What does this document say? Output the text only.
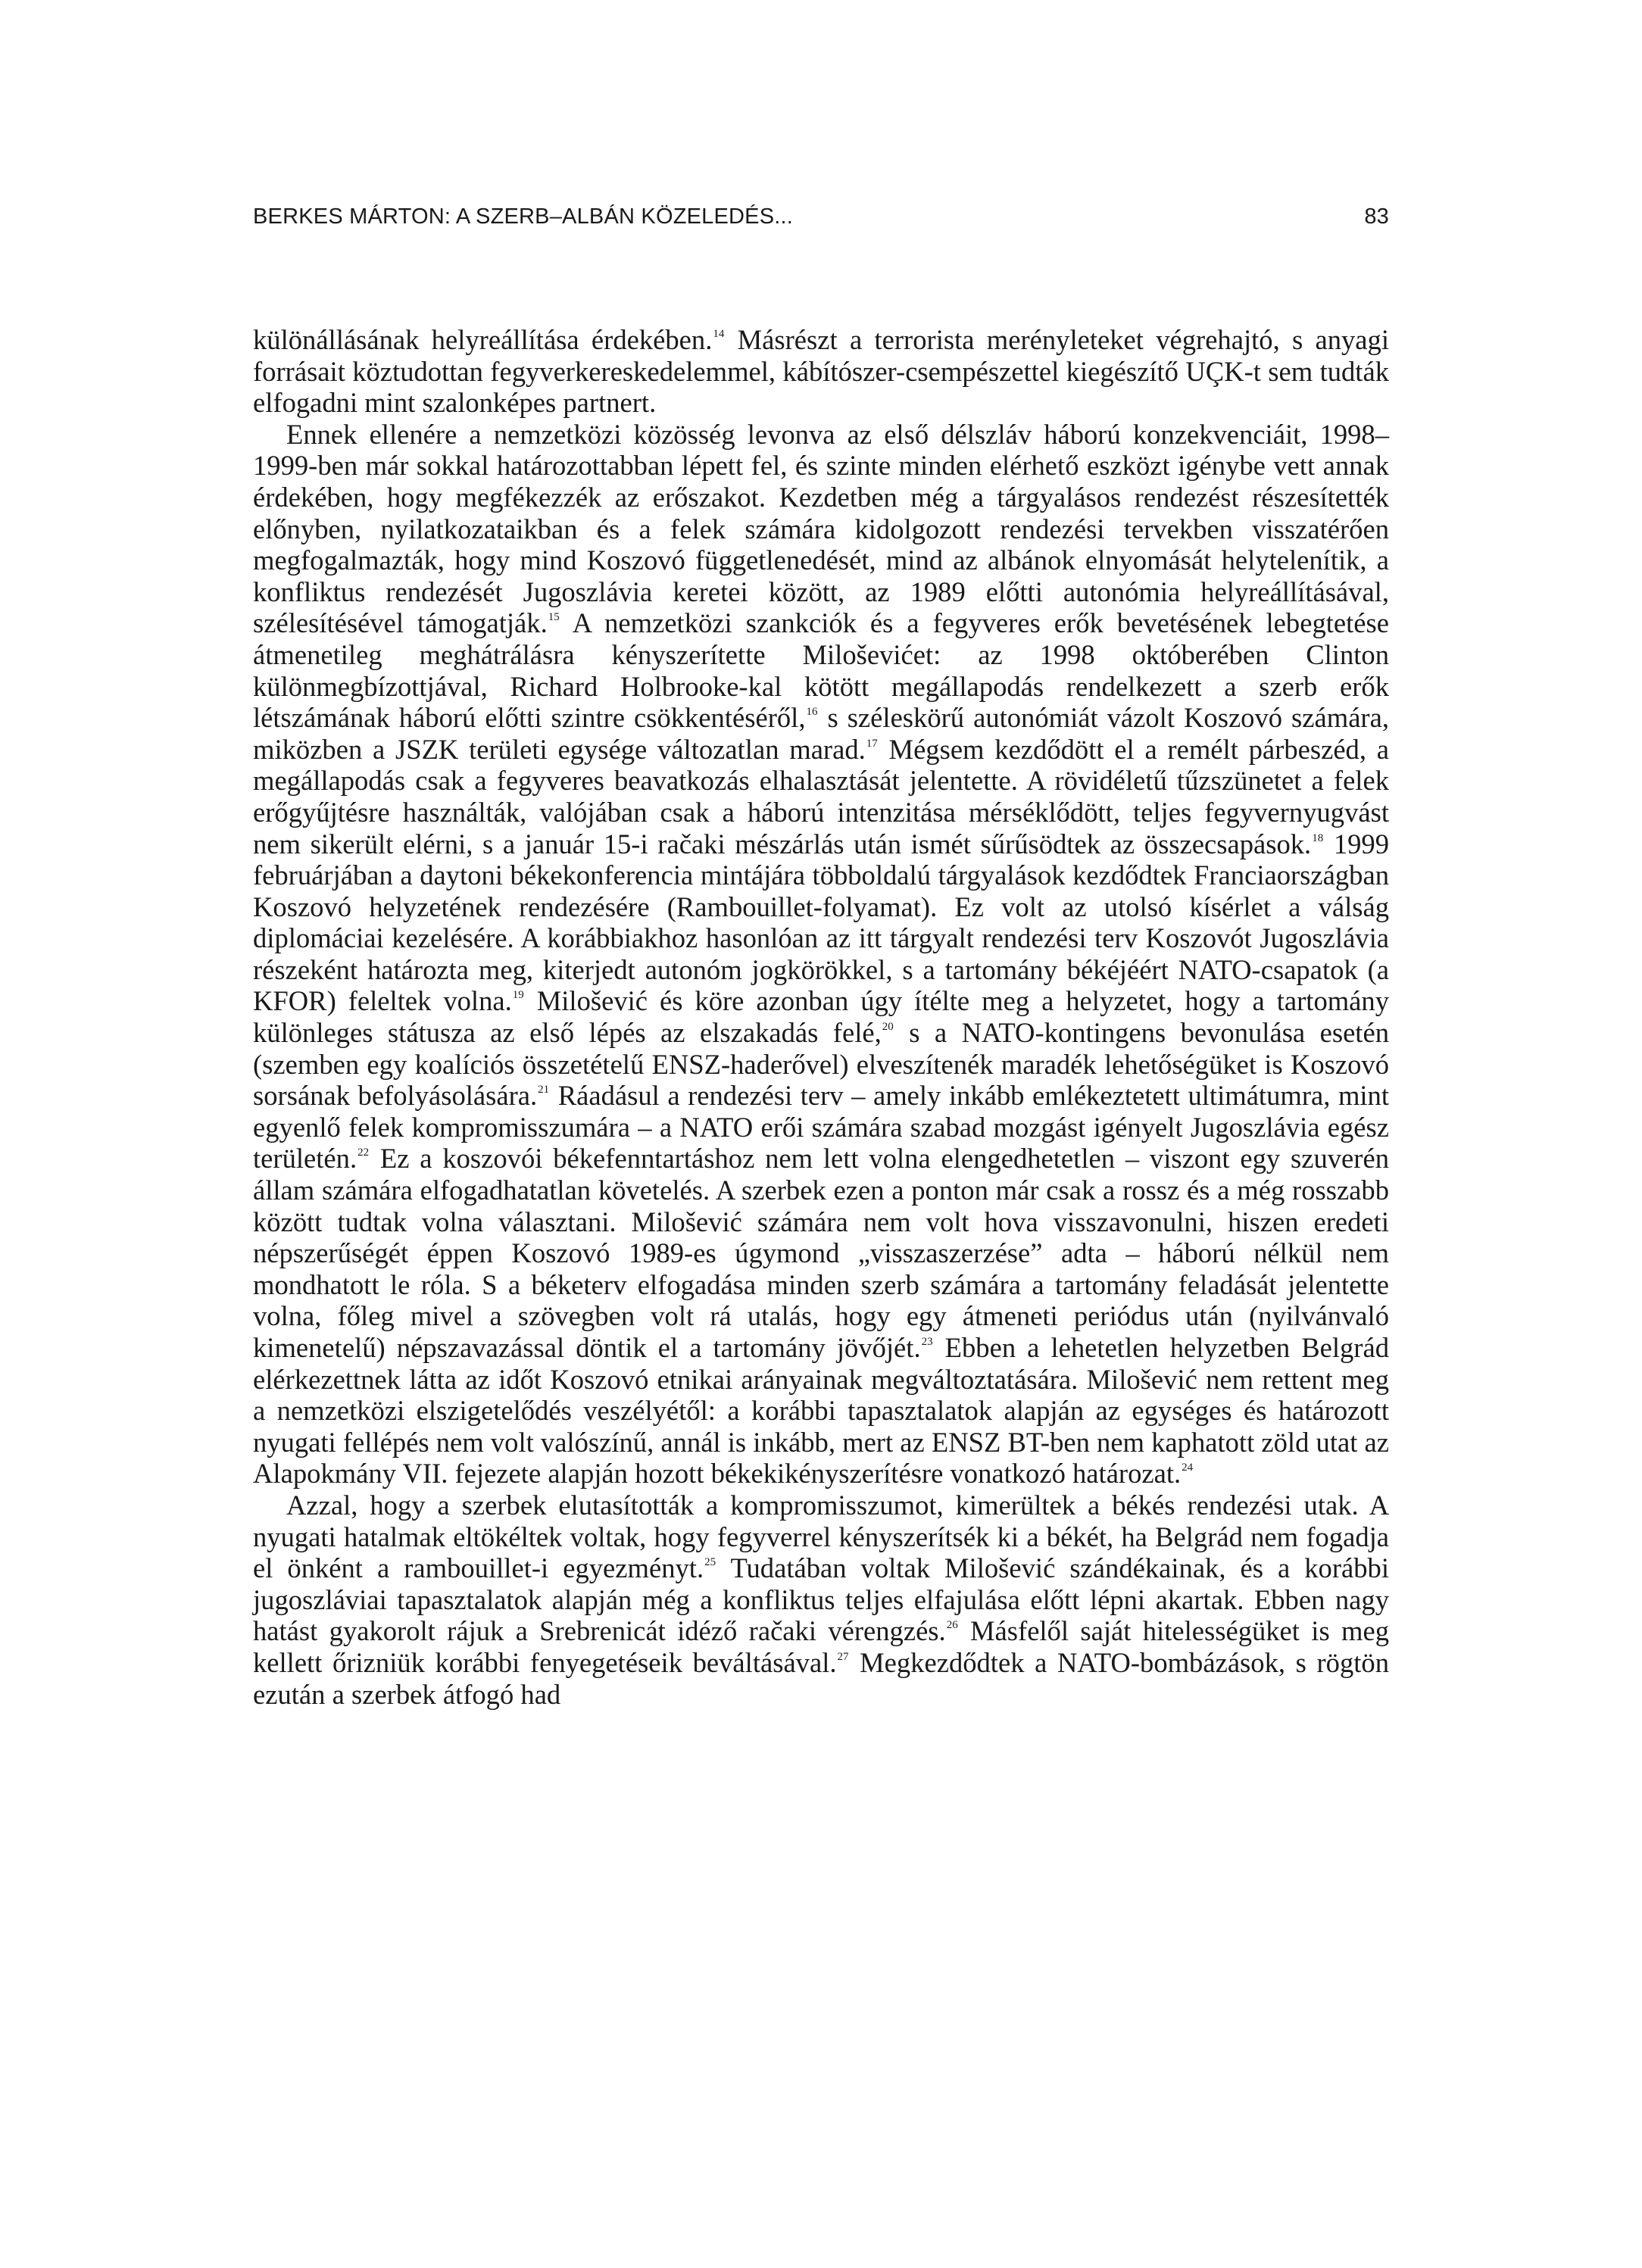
BERKES MÁRTON: A SZERB–ALBÁN KÖZELEDÉS...	83

különállásának helyreállítása érdekében.$^{14}$ Másrészt a terrorista merényleteket végrehajtó, s anyagi forrásait köztudottan fegyverkereskedelemmel, kábítószer-csempészettel kiegészítő UÇK-t sem tudták elfogadni mint szalonképes partnert.

Ennek ellenére a nemzetközi közösség levonva az első délszláv háború konzekvenciáit, 1998–1999-ben már sokkal határozottabban lépett fel, és szinte minden elérhető eszközt igénybe vett annak érdekében, hogy megfékezzék az erőszakot. Kezdetben még a tárgyalásos rendezést részesítették előnyben, nyilatkozataikban és a felek számára kidolgozott rendezési tervekben visszatérően megfogalmazták, hogy mind Koszovó függetlenedését, mind az albánok elnyomását helytelenítik, a konfliktus rendezését Jugoszlávia keretei között, az 1989 előtti autonómia helyreállításával, szélesítésével támogatják.$^{15}$ A nemzetközi szankciók és a fegyveres erők bevetésének lebegtetése átmenetileg meghátrálásra kényszerítette Miloševićet: az 1998 októberében Clinton különmegbízottjával, Richard Holbrooke-kal kötött megállapodás rendelkezett a szerb erők létszámának háború előtti szintre csökkentéséről,$^{16}$ s széleskörű autonómiát vázolt Koszovó számára, miközben a JSZK területi egysége változatlan marad.$^{17}$ Mégsem kezdődött el a remélt párbeszéd, a megállapodás csak a fegyveres beavatkozás elhalasztását jelentette. A rövidéletű tűzszünetet a felek erőgyűjtésre használták, valójában csak a háború intenzitása mérséklődött, teljes fegyvernyugvást nem sikerült elérni, s a január 15-i račaki mészárlás után ismét sűrűsödtek az összecsapások.$^{18}$ 1999 februárjában a daytoni békekonferencia mintájára többoldalú tárgyalások kezdődtek Franciaországban Koszovó helyzetének rendezésére (Rambouillet-folyamat). Ez volt az utolsó kísérlet a válság diplomáciai kezelésére. A korábbiakhoz hasonlóan az itt tárgyalt rendezési terv Koszovót Jugoszlávia részeként határozta meg, kiterjedt autonóm jogkörökkel, s a tartomány békéjéért NATO-csapatok (a KFOR) feleltek volna.$^{19}$ Milošević és köre azonban úgy ítélte meg a helyzetet, hogy a tartomány különleges státusza az első lépés az elszakadás felé,$^{20}$ s a NATO-kontingens bevonulása esetén (szemben egy koalíciós összetételű ENSZ-haderővel) elveszítenék maradék lehetőségüket is Koszovó sorsának befolyásolására.$^{21}$ Ráadásul a rendezési terv – amely inkább emlékeztetett ultimátumra, mint egyenlő felek kompromisszumára – a NATO erői számára szabad mozgást igényelt Jugoszlávia egész területén.$^{22}$ Ez a koszovói békefenntartáshoz nem lett volna elengedhetetlen – viszont egy szuverén állam számára elfogadhatatlan követelés. A szerbek ezen a ponton már csak a rossz és a még rosszabb között tudtak volna választani. Milošević számára nem volt hova visszavonulni, hiszen eredeti népszerűségét éppen Koszovó 1989-es úgymond „visszaszerzése” adta – háború nélkül nem mondhatott le róla. S a béketerv elfogadása minden szerb számára a tartomány feladását jelentette volna, főleg mivel a szövegben volt rá utalás, hogy egy átmeneti periódus után (nyilvánvaló kimenetelű) népszavazással döntik el a tartomány jövőjét.$^{23}$ Ebben a lehetetlen helyzetben Belgrád elérkezettnek látta az időt Koszovó etnikai arányainak megváltoztatására. Milošević nem rettent meg a nemzetközi elszigetelődés veszélyétől: a korábbi tapasztalatok alapján az egységes és határozott nyugati fellépés nem volt valószínű, annál is inkább, mert az ENSZ BT-ben nem kaphatott zöld utat az Alapokmány VII. fejezete alapján hozott békekikényszerítésre vonatkozó határozat.$^{24}$

Azzal, hogy a szerbek elutasították a kompromisszumot, kimerültek a békés rendezési utak. A nyugati hatalmak eltökéltek voltak, hogy fegyverrel kényszerítsék ki a békét, ha Belgrád nem fogadja el önként a rambouillet-i egyezményt.$^{25}$ Tudatában voltak Milošević szándékainak, és a korábbi jugoszláviai tapasztalatok alapján még a konfliktus teljes elfajulása előtt lépni akartak. Ebben nagy hatást gyakorolt rájuk a Srebrenicát idéző račaki vérengzés.$^{26}$ Másfelől saját hitelességüket is meg kellett őrizniük korábbi fenyegetéseik beváltásával.$^{27}$ Megkezdődtek a NATO-bombázások, s rögtön ezután a szerbek átfogó had
